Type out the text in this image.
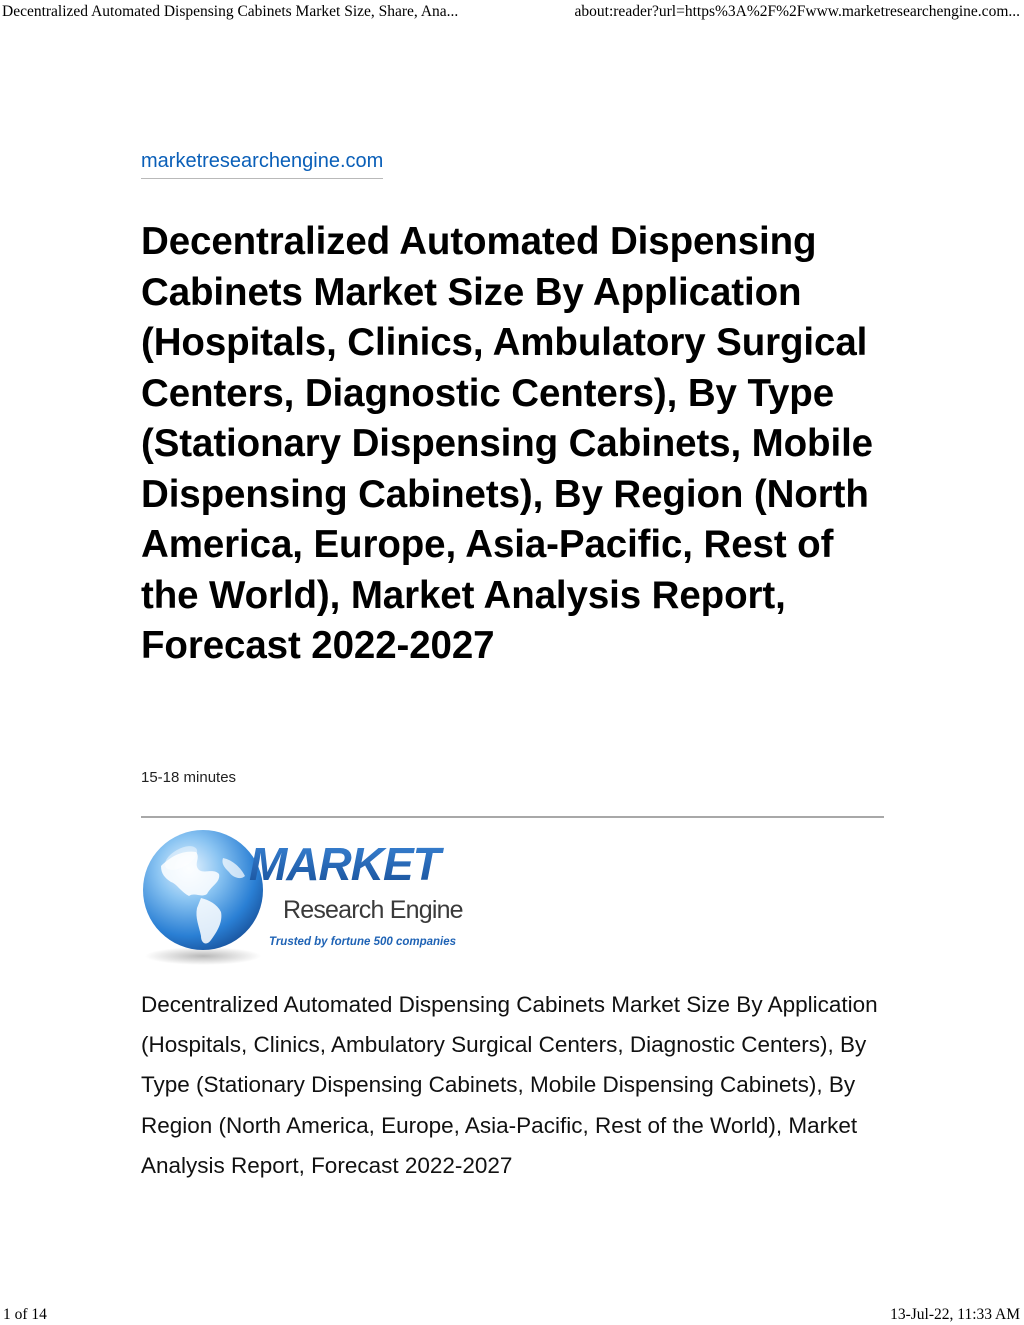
Decentralized Automated Dispensing Cabinets Market Size, Share, Ana...	about:reader?url=https%3A%2F%2Fwww.marketresearchengine.com...
marketresearchengine.com
Decentralized Automated Dispensing Cabinets Market Size By Application (Hospitals, Clinics, Ambulatory Surgical Centers, Diagnostic Centers), By Type (Stationary Dispensing Cabinets, Mobile Dispensing Cabinets), By Region (North America, Europe, Asia-Pacific, Rest of the World), Market Analysis Report, Forecast 2022-2027
15-18 minutes
MARKET
Research Engine
Trusted by fortune 500 companies

Decentralized Automated Dispensing Cabinets Market Size By Application (Hospitals, Clinics, Ambulatory Surgical Centers, Diagnostic Centers), By Type (Stationary Dispensing Cabinets, Mobile Dispensing Cabinets), By Region (North America, Europe, Asia-Pacific, Rest of the World), Market Analysis Report, Forecast 2022-2027

1 of 14	13-Jul-22, 11:33 AM
